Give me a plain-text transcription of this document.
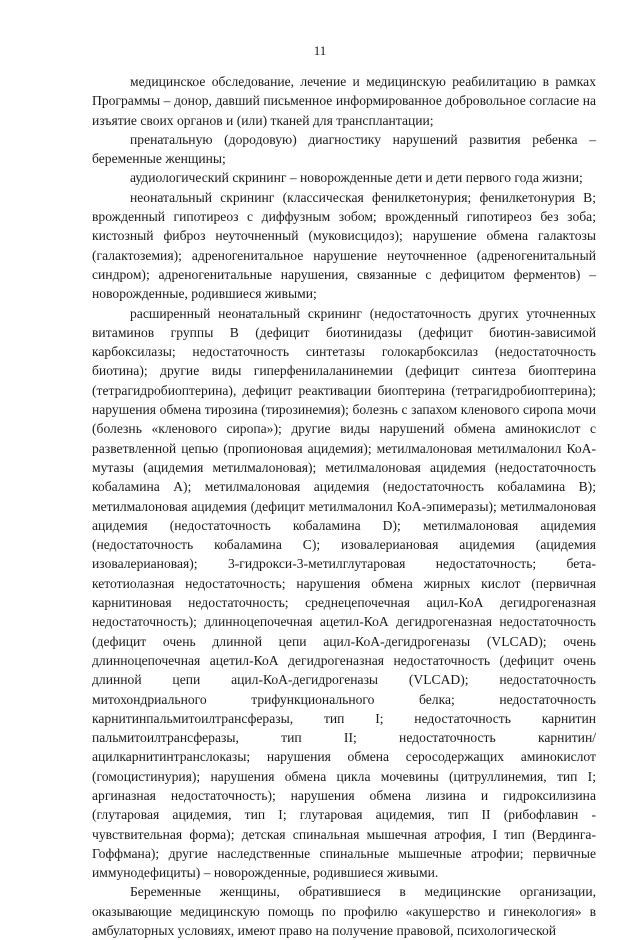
11

медицинское обследование, лечение и медицинскую реабилитацию в рамках Программы – донор, давший письменное информированное добровольное согласие на изъятие своих органов и (или) тканей для трансплантации;

пренатальную (дородовую) диагностику нарушений развития ребенка – беременные женщины;

аудиологический скрининг – новорожденные дети и дети первого года жизни;

неонатальный скрининг (классическая фенилкетонурия; фенилкетонурия B; врожденный гипотиреоз с диффузным зобом; врожденный гипотиреоз без зоба; кистозный фиброз неуточненный (муковисцидоз); нарушение обмена галактозы (галактоземия); адреногенитальное нарушение неуточненное (адреногенитальный синдром); адреногенитальные нарушения, связанные с дефицитом ферментов) – новорожденные, родившиеся живыми;

расширенный неонатальный скрининг (недостаточность других уточненных витаминов группы B (дефицит биотинидазы (дефицит биотин-зависимой карбоксилазы; недостаточность синтетазы голокарбоксилаз (недостаточность биотина); другие виды гиперфенилаланинемии (дефицит синтеза биоптерина (тетрагидробиоптерина), дефицит реактивации биоптерина (тетрагидробиоптерина); нарушения обмена тирозина (тирозинемия); болезнь с запахом кленового сиропа мочи (болезнь «кленового сиропа»); другие виды нарушений обмена аминокислот с разветвленной цепью (пропионовая ацидемия); метилмалоновая метилмалонил КоА-мутазы (ацидемия метилмалоновая); метилмалоновая ацидемия (недостаточность кобаламина A); метилмалоновая ацидемия (недостаточность кобаламина B); метилмалоновая ацидемия (дефицит метилмалонил КоА-эпимеразы); метилмалоновая ацидемия (недостаточность кобаламина D); метилмалоновая ацидемия (недостаточность кобаламина C); изовалериановая ацидемия (ацидемия изовалериановая); 3-гидрокси-3-метилглутаровая недостаточность; бета-кетотиолазная недостаточность; нарушения обмена жирных кислот (первичная карнитиновая недостаточность; среднецепочечная ацил-КоА дегидрогеназная недостаточность); длинноцепочечная ацетил-КоА дегидрогеназная недостаточность (дефицит очень длинной цепи ацил-КоА-дегидрогеназы (VLCAD); очень длинноцепочечная ацетил-КоА дегидрогеназная недостаточность (дефицит очень длинной цепи ацил-КоА-дегидрогеназы (VLCAD); недостаточность митохондриального трифункционального белка; недостаточность карнитинпальмитоилтрансферазы, тип I; недостаточность карнитин пальмитоилтрансферазы, тип II; недостаточность карнитин/ацилкарнитинтранслоказы; нарушения обмена серосодержащих аминокислот (гомоцистинурия); нарушения обмена цикла мочевины (цитруллинемия, тип I; аргиназная недостаточность); нарушения обмена лизина и гидроксилизина (глутаровая ацидемия, тип I; глутаровая ацидемия, тип II (рибофлавин - чувствительная форма); детская спинальная мышечная атрофия, I тип (Вердинга-Гоффмана); другие наследственные спинальные мышечные атрофии; первичные иммунодефициты) – новорожденные, родившиеся живыми.

Беременные женщины, обратившиеся в медицинские организации, оказывающие медицинскую помощь по профилю «акушерство и гинекология» в амбулаторных условиях, имеют право на получение правовой, психологической
